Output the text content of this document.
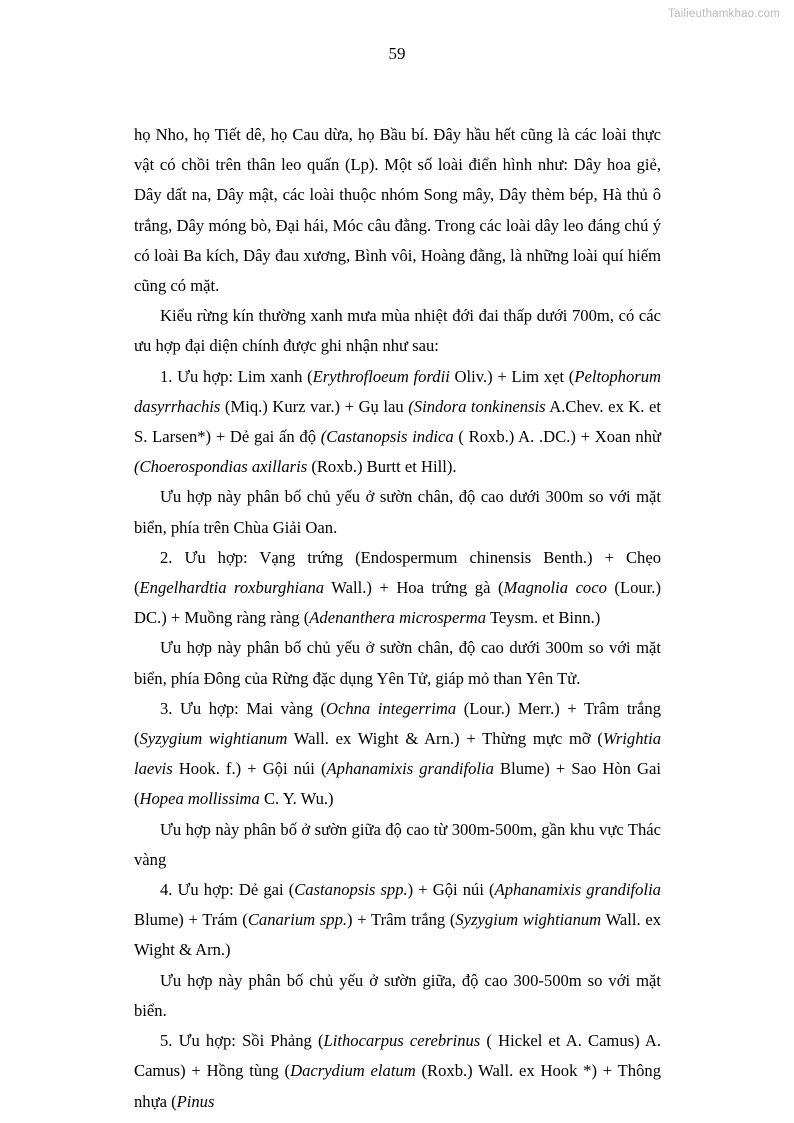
Tailieuthamkhao.com
59
họ Nho, họ Tiết dê, họ Cau dừa, họ Bầu bí. Đây hầu hết cũng là các loài thực vật có chồi trên thân leo quấn (Lp). Một số loài điển hình như: Dây hoa giẻ, Dây dất na, Dây mật, các loài thuộc nhóm Song mây, Dây thèm bép, Hà thủ ô trắng, Dây móng bò, Đại hái, Móc câu đằng. Trong các loài dây leo đáng chú ý có loài Ba kích, Dây đau xương, Bình vôi, Hoàng đằng, là những loài quí hiếm cũng có mặt.
Kiểu rừng kín thường xanh mưa mùa nhiệt đới đai thấp dưới 700m, có các ưu hợp đại diện chính được ghi nhận như sau:
1. Ưu hợp: Lim xanh (Erythrofloeum fordii Oliv.) + Lim xẹt (Peltophorum dasyrrhachis (Miq.) Kurz var.) + Gụ lau (Sindora tonkinensis A.Chev. ex K. et S. Larsen*) + Dẻ gai ấn độ (Castanopsis indica ( Roxb.) A. .DC.) + Xoan nhừ (Choerospondias axillaris (Roxb.) Burtt et Hill).
Ưu hợp này phân bố chủ yếu ở sườn chân, độ cao dưới 300m so với mặt biển, phía trên Chùa Giải Oan.
2. Ưu hợp: Vạng trứng (Endospermum chinensis Benth.) + Chẹo (Engelhardtia roxburghiana Wall.) + Hoa trứng gà (Magnolia coco (Lour.) DC.) + Muồng ràng ràng (Adenanthera microsperma Teysm. et Binn.)
Ưu hợp này phân bố chủ yếu ở sườn chân, độ cao dưới 300m so với mặt biển, phía Đông của Rừng đặc dụng Yên Tử, giáp mỏ than Yên Tử.
3. Ưu hợp: Mai vàng (Ochna integerrima (Lour.) Merr.) + Trâm trắng (Syzygium wightianum Wall. ex Wight & Arn.) + Thừng mực mỡ (Wrightia laevis Hook. f.) + Gội núi (Aphanamixis grandifolia Blume) + Sao Hòn Gai (Hopea mollissima C. Y. Wu.)
Ưu hợp này phân bố ở sườn giữa độ cao từ 300m-500m, gần khu vực Thác vàng
4. Ưu hợp: Dẻ gai (Castanopsis spp.) + Gội núi (Aphanamixis grandifolia Blume) + Trám (Canarium spp.) + Trâm trắng (Syzygium wightianum Wall. ex Wight & Arn.)
Ưu hợp này phân bố chủ yếu ở sườn giữa, độ cao 300-500m so với mặt biển.
5. Ưu hợp: Sồi Phảng (Lithocarpus cerebrinus ( Hickel et A. Camus) A. Camus) + Hồng tùng (Dacrydium elatum (Roxb.) Wall. ex Hook *) + Thông nhựa (Pinus
